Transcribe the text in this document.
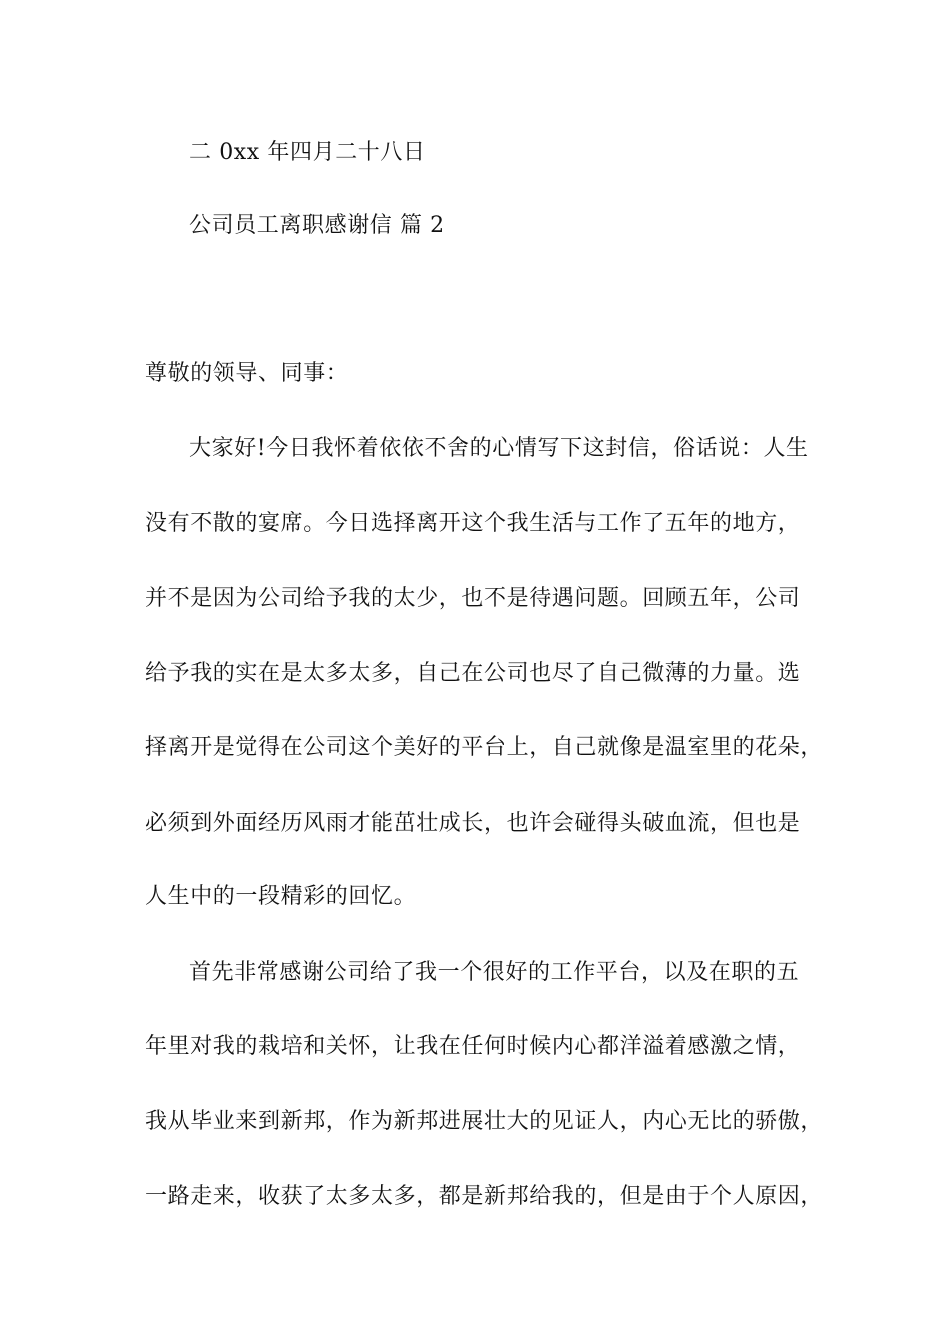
二 0xx 年四月二十八日
公司员工离职感谢信 篇 2
尊敬的领导、同事：
大家好!今日我怀着依依不舍的心情写下这封信，俗话说：人生
没有不散的宴席。今日选择离开这个我生活与工作了五年的地方，
并不是因为公司给予我的太少，也不是待遇问题。回顾五年，公司
给予我的实在是太多太多，自己在公司也尽了自己微薄的力量。选
择离开是觉得在公司这个美好的平台上，自己就像是温室里的花朵，
必须到外面经历风雨才能茁壮成长，也许会碰得头破血流，但也是
人生中的一段精彩的回忆。
首先非常感谢公司给了我一个很好的工作平台，以及在职的五
年里对我的栽培和关怀，让我在任何时候内心都洋溢着感激之情，
我从毕业来到新邦，作为新邦进展壮大的见证人，内心无比的骄傲，
一路走来，收获了太多太多，都是新邦给我的，但是由于个人原因，
